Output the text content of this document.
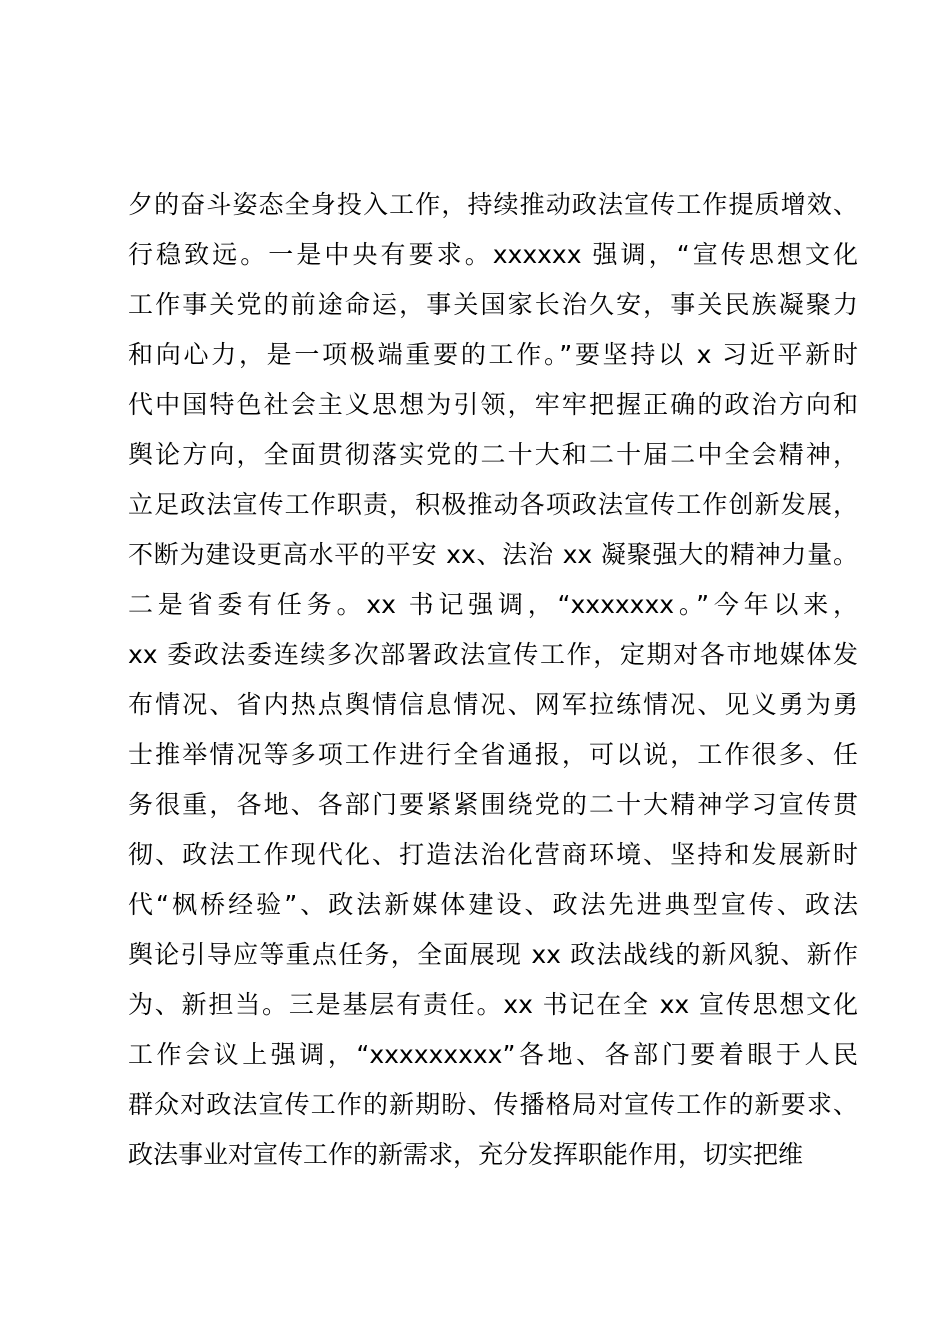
夕的奋斗姿态全身投入工作，持续推动政法宣传工作提质增效、
行稳致远。一是中央有要求。xxxxxx 强调，“宣传思想文化
工作事关党的前途命运，事关国家长治久安，事关民族凝聚力
和向心力，是一项极端重要的工作。”要坚持以 x 习近平新时
代中国特色社会主义思想为引领，牢牢把握正确的政治方向和
舆论方向，全面贯彻落实党的二十大和二十届二中全会精神，
立足政法宣传工作职责，积极推动各项政法宣传工作创新发展，
不断为建设更高水平的平安 xx、法治 xx 凝聚强大的精神力量。
二是省委有任务。xx 书记强调，“xxxxxxx。”今年以来，
xx 委政法委连续多次部署政法宣传工作，定期对各市地媒体发
布情况、省内热点舆情信息情况、网军拉练情况、见义勇为勇
士推举情况等多项工作进行全省通报，可以说，工作很多、任
务很重，各地、各部门要紧紧围绕党的二十大精神学习宣传贯
彻、政法工作现代化、打造法治化营商环境、坚持和发展新时
代“枫桥经验”、政法新媒体建设、政法先进典型宣传、政法
舆论引导应等重点任务，全面展现 xx 政法战线的新风貌、新作
为、新担当。三是基层有责任。xx 书记在全 xx 宣传思想文化
工作会议上强调，“xxxxxxxxx”各地、各部门要着眼于人民
群众对政法宣传工作的新期盼、传播格局对宣传工作的新要求、
政法事业对宣传工作的新需求，充分发挥职能作用，切实把维
